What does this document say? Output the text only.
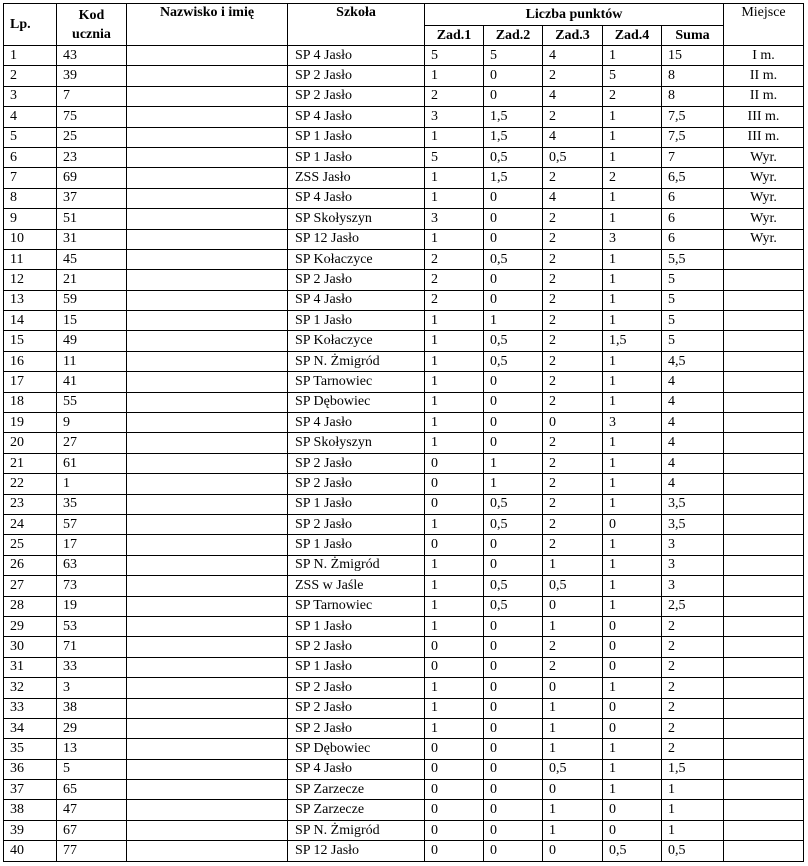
Lp.	Kod ucznia	Nazwisko i imię	Szkoła	Liczba punktów					Miejsce
				Zad.1	Zad.2	Zad.3	Zad.4	Suma	
1	43		SP 4 Jasło	5	5	4	1	15	I m.
2	39		SP 2 Jasło	1	0	2	5	8	II m.
3	7		SP 2 Jasło	2	0	4	2	8	II m.
4	75		SP 4 Jasło	3	1,5	2	1	7,5	III m.
5	25		SP 1 Jasło	1	1,5	4	1	7,5	III m.
6	23		SP 1 Jasło	5	0,5	0,5	1	7	Wyr.
7	69		ZSS Jasło	1	1,5	2	2	6,5	Wyr.
8	37		SP 4 Jasło	1	0	4	1	6	Wyr.
9	51		SP Skołyszyn	3	0	2	1	6	Wyr.
10	31		SP 12 Jasło	1	0	2	3	6	Wyr.
11	45		SP Kołaczyce	2	0,5	2	1	5,5	
12	21		SP 2 Jasło	2	0	2	1	5	
13	59		SP 4 Jasło	2	0	2	1	5	
14	15		SP 1 Jasło	1	1	2	1	5	
15	49		SP Kołaczyce	1	0,5	2	1,5	5	
16	11		SP N. Żmigród	1	0,5	2	1	4,5	
17	41		SP Tarnowiec	1	0	2	1	4	
18	55		SP Dębowiec	1	0	2	1	4	
19	9		SP 4 Jasło	1	0	0	3	4	
20	27		SP Skołyszyn	1	0	2	1	4	
21	61		SP 2 Jasło	0	1	2	1	4	
22	1		SP 2 Jasło	0	1	2	1	4	
23	35		SP 1 Jasło	0	0,5	2	1	3,5	
24	57		SP 2 Jasło	1	0,5	2	0	3,5	
25	17		SP 1 Jasło	0	0	2	1	3	
26	63		SP N. Żmigród	1	0	1	1	3	
27	73		ZSS w Jaśle	1	0,5	0,5	1	3	
28	19		SP Tarnowiec	1	0,5	0	1	2,5	
29	53		SP 1 Jasło	1	0	1	0	2	
30	71		SP 2 Jasło	0	0	2	0	2	
31	33		SP 1 Jasło	0	0	2	0	2	
32	3		SP 2 Jasło	1	0	0	1	2	
33	38		SP 2 Jasło	1	0	1	0	2	
34	29		SP 2 Jasło	1	0	1	0	2	
35	13		SP Dębowiec	0	0	1	1	2	
36	5		SP 4 Jasło	0	0	0,5	1	1,5	
37	65		SP Zarzecze	0	0	0	1	1	
38	47		SP Zarzecze	0	0	1	0	1	
39	67		SP N. Żmigród	0	0	1	0	1	
40	77		SP 12 Jasło	0	0	0	0,5	0,5	
